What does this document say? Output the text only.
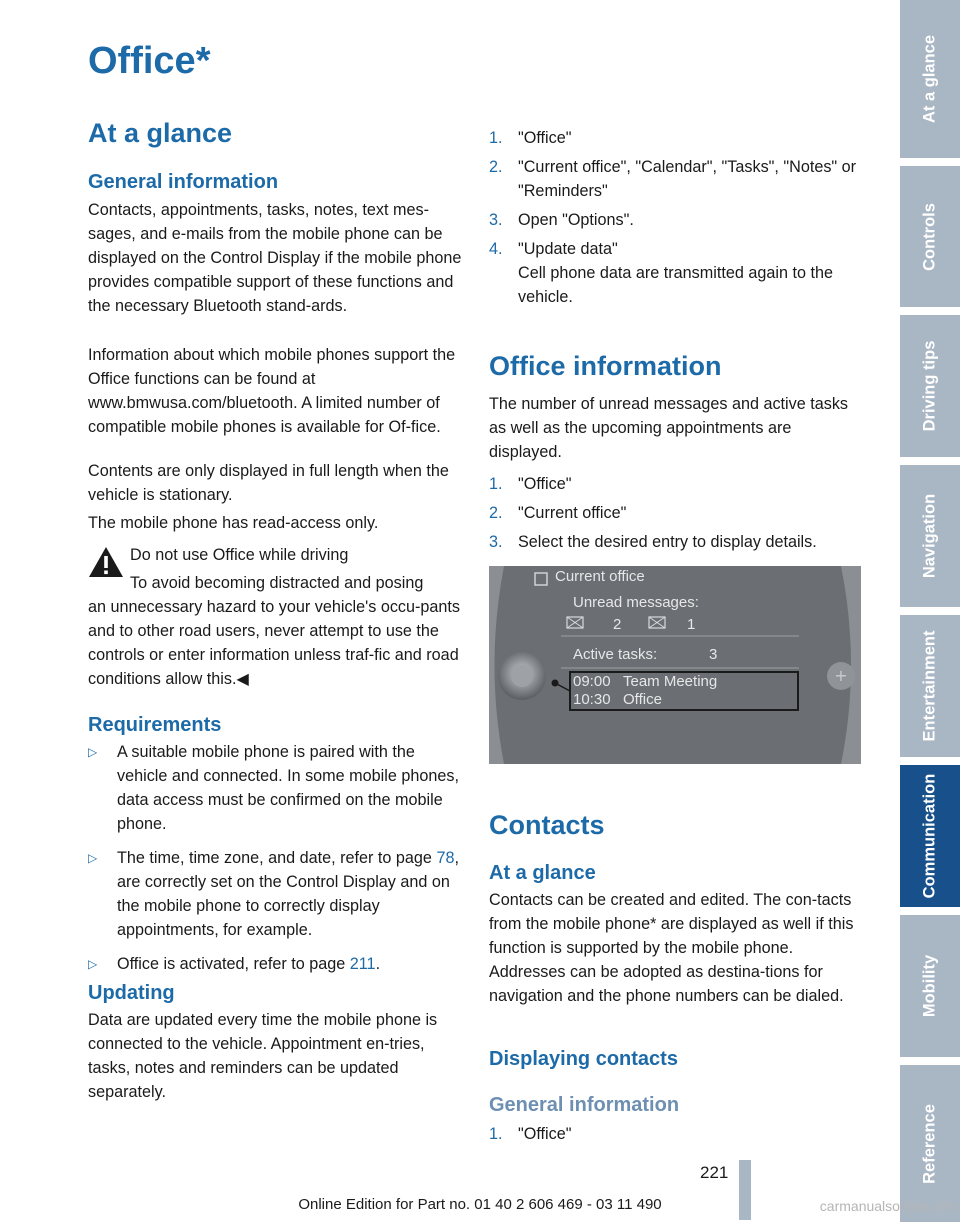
Office*
At a glance
General information

Contacts, appointments, tasks, notes, text mes-sages, and e-mails from the mobile phone can be displayed on the Control Display if the mobile phone provides compatible support of these functions and the necessary Bluetooth stand-ards.

Information about which mobile phones support the Office functions can be found at www.bmwusa.com/bluetooth. A limited number of compatible mobile phones is available for Of-fice.

Contents are only displayed in full length when the vehicle is stationary.

The mobile phone has read-access only.

Do not use Office while driving

To avoid becoming distracted and posing

an unnecessary hazard to your vehicle's occu-pants and to other road users, never attempt to use the controls or enter information unless traf-fic and road conditions allow this.◀

Requirements
▷ A suitable mobile phone is paired with the vehicle and connected. In some mobile phones, data access must be confirmed on the mobile phone.
▷ The time, time zone, and date, refer to page 78, are correctly set on the Control Display and on the mobile phone to correctly display appointments, for example.
▷ Office is activated, refer to page 211.
Updating

Data are updated every time the mobile phone is connected to the vehicle. Appointment en-tries, tasks, notes and reminders can be updated separately.

1. "Office"
2. "Current office", "Calendar", "Tasks", "Notes" or "Reminders"
3. Open "Options".
4. "Update data"
Cell phone data are transmitted again to the vehicle.
Office information

The number of unread messages and active tasks as well as the upcoming appointments are displayed.

1. "Office"
2. "Current office"
3. Select the desired entry to display details.
+
Current office
Unread messages:
2	1
Active tasks:	3
09:00 Team Meeting
10:30 Office
Contacts
At a glance

Contacts can be created and edited. The con-tacts from the mobile phone* are displayed as well if this function is supported by the mobile phone. Addresses can be adopted as destina-tions for navigation and the phone numbers can be dialed.

Displaying contacts
General information
1. "Office"
At a glance
Controls
Driving tips
Navigation
Entertainment
Communication
Mobility
Reference
221
Online Edition for Part no. 01 40 2 606 469 - 03 11 490	carmanualsonline.info
